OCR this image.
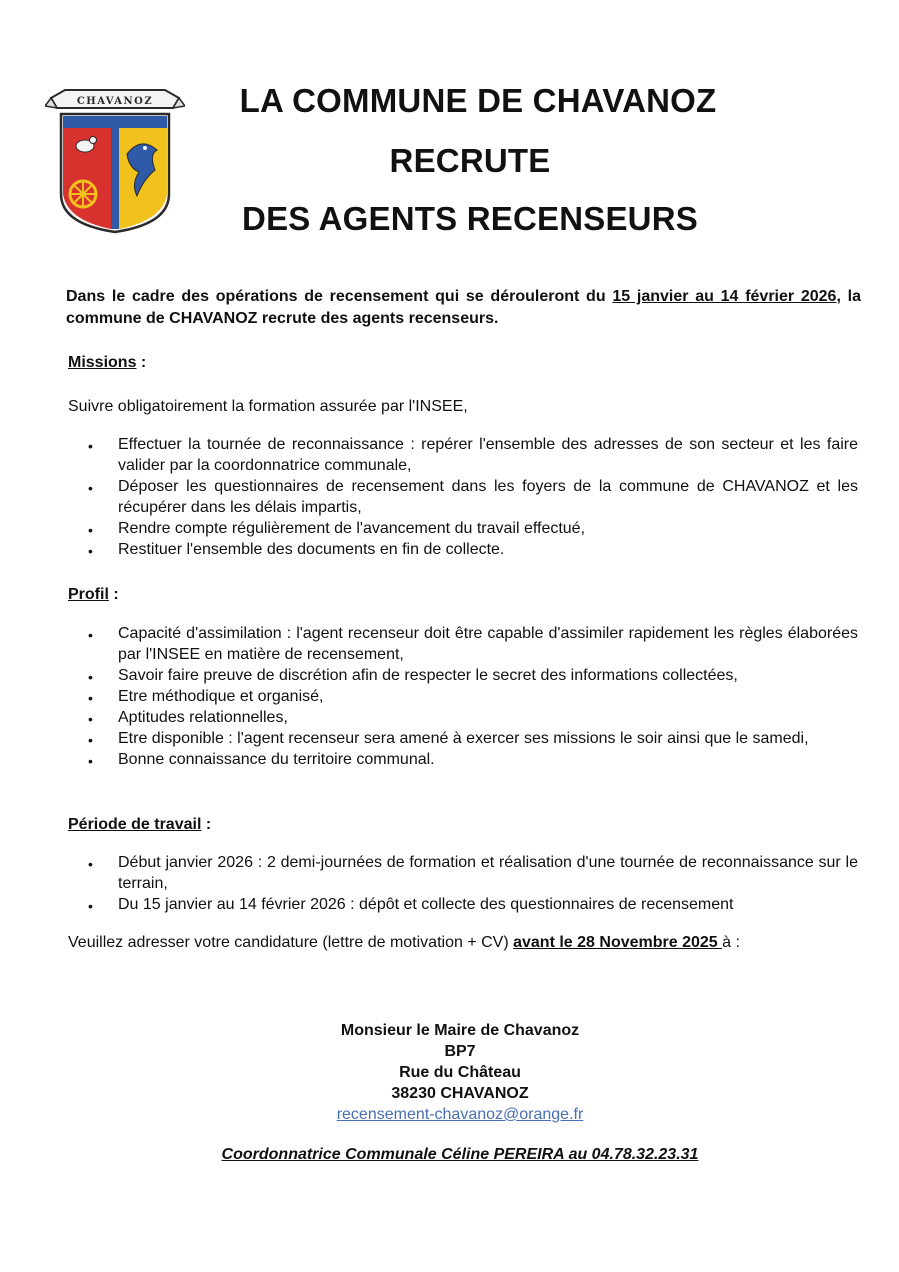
CHAVANOZ	LA COMMUNE DE CHAVANOZ
RECRUTE
DES AGENTS RECENSEURS

Dans le cadre des opérations de recensement qui se dérouleront du 15 janvier au 14 février 2026, la commune de CHAVANOZ recrute des agents recenseurs.

Missions :

Suivre obligatoirement la formation assurée par l'INSEE,

• Effectuer la tournée de reconnaissance : repérer l'ensemble des adresses de son secteur et les faire valider par la coordonnatrice communale,
• Déposer les questionnaires de recensement dans les foyers de la commune de CHAVANOZ et les récupérer dans les délais impartis,
• Rendre compte régulièrement de l'avancement du travail effectué,
• Restituer l'ensemble des documents en fin de collecte.

Profil :

• Capacité d'assimilation : l'agent recenseur doit être capable d'assimiler rapidement les règles élaborées par l'INSEE en matière de recensement,
• Savoir faire preuve de discrétion afin de respecter le secret des informations collectées,
• Etre méthodique et organisé,
• Aptitudes relationnelles,
• Etre disponible : l'agent recenseur sera amené à exercer ses missions le soir ainsi que le samedi,
• Bonne connaissance du territoire communal.

Période de travail :

• Début janvier 2026 : 2 demi-journées de formation et réalisation d'une tournée de reconnaissance sur le terrain,
• Du 15 janvier au 14 février 2026 : dépôt et collecte des questionnaires de recensement

Veuillez adresser votre candidature (lettre de motivation + CV) avant le 28 Novembre 2025 à :

Monsieur le Maire de Chavanoz
BP7
Rue du Château
38230 CHAVANOZ
recensement-chavanoz@orange.fr

Coordonnatrice Communale Céline PEREIRA au 04.78.32.23.31
